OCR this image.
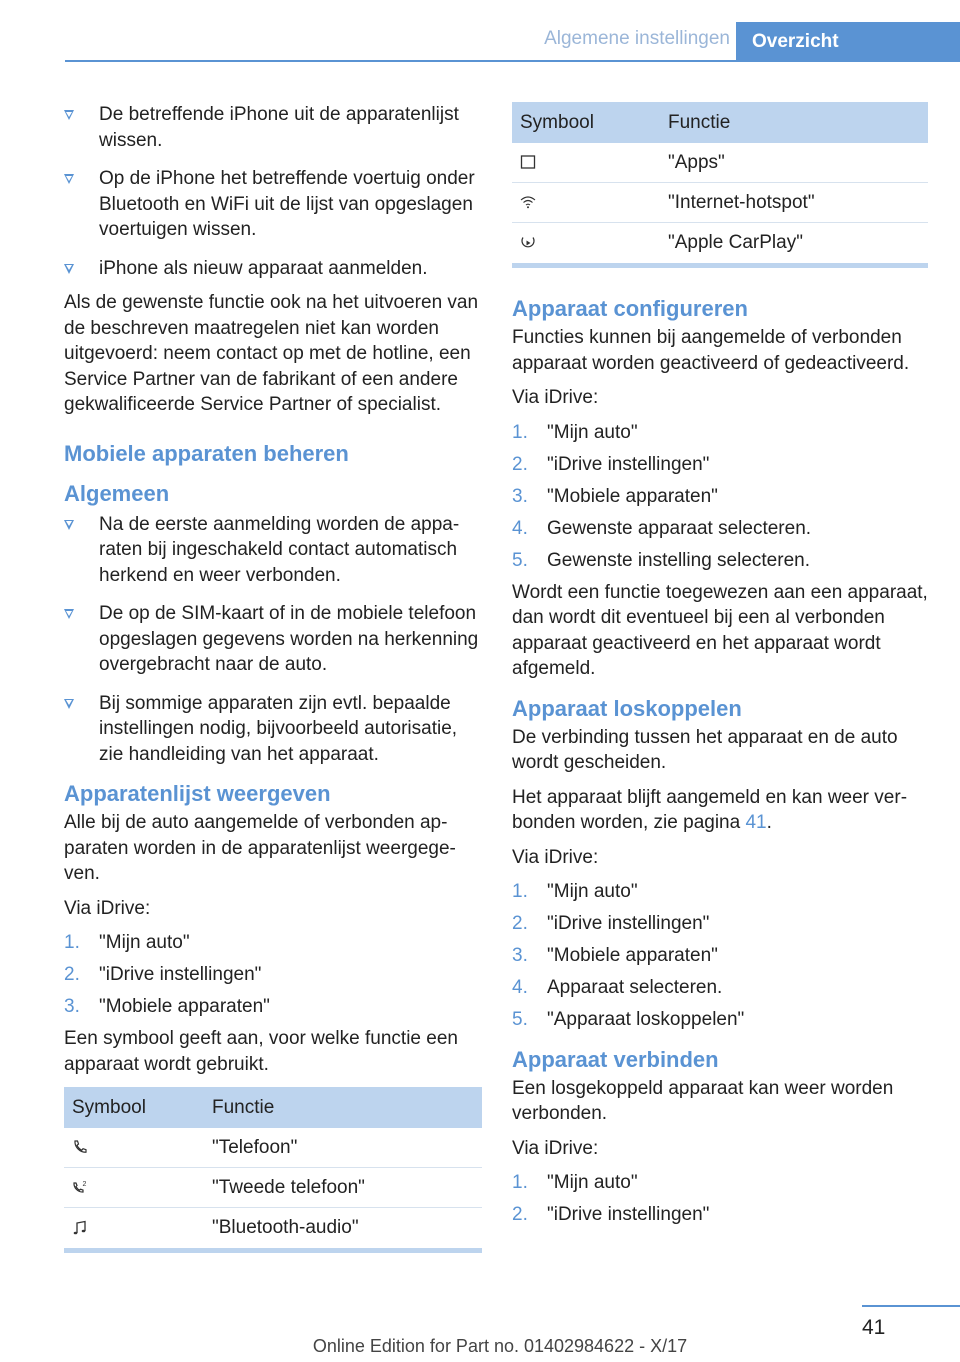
Algemene instellingen	Overzicht
De betreffende iPhone uit de apparatenlijst wissen.
Op de iPhone het betreffende voertuig onder Bluetooth en WiFi uit de lijst van opgeslagen voertuigen wissen.
iPhone als nieuw apparaat aanmelden.

Als de gewenste functie ook na het uitvoeren van de beschreven maatregelen niet kan worden uitgevoerd: neem contact op met de hotline, een Service Partner van de fabrikant of een andere gekwalificeerde Service Partner of specialist.

Mobiele apparaten beheren
Algemeen
Na de eerste aanmelding worden de apparaten bij ingeschakeld contact automatisch herkend en weer verbonden.
De op de SIM-kaart of in de mobiele telefoon opgeslagen gegevens worden na herkenning overgebracht naar de auto.
Bij sommige apparaten zijn evtl. bepaalde instellingen nodig, bijvoorbeeld autorisatie, zie handleiding van het apparaat.
Apparatenlijst weergeven

Alle bij de auto aangemelde of verbonden apparaten worden in de apparatenlijst weergegeven.

Via iDrive:

1. "Mijn auto"
2. "iDrive instellingen"
3. "Mobiele apparaten"

Een symbool geeft aan, voor welke functie een apparaat wordt gebruikt.

Symbool	Functie

	"Telefoon"

2	"Tweede telefoon"

	"Bluetooth-audio"
Symbool	Functie

	"Apps"

	"Internet-hotspot"

	"Apple CarPlay"
Apparaat configureren

Functies kunnen bij aangemelde of verbonden apparaat worden geactiveerd of gedeactiveerd.

Via iDrive:

1. "Mijn auto"
2. "iDrive instellingen"
3. "Mobiele apparaten"
4. Gewenste apparaat selecteren.
5. Gewenste instelling selecteren.

Wordt een functie toegewezen aan een apparaat, dan wordt dit eventueel bij een al verbonden apparaat geactiveerd en het apparaat wordt afgemeld.

Apparaat loskoppelen

De verbinding tussen het apparaat en de auto wordt gescheiden.

Het apparaat blijft aangemeld en kan weer verbonden worden, zie pagina 41.

Via iDrive:

1. "Mijn auto"
2. "iDrive instellingen"
3. "Mobiele apparaten"
4. Apparaat selecteren.
5. "Apparaat loskoppelen"
Apparaat verbinden

Een losgekoppeld apparaat kan weer worden verbonden.

Via iDrive:

1. "Mijn auto"
2. "iDrive instellingen"
41
Online Edition for Part no. 01402984622 - X/17
